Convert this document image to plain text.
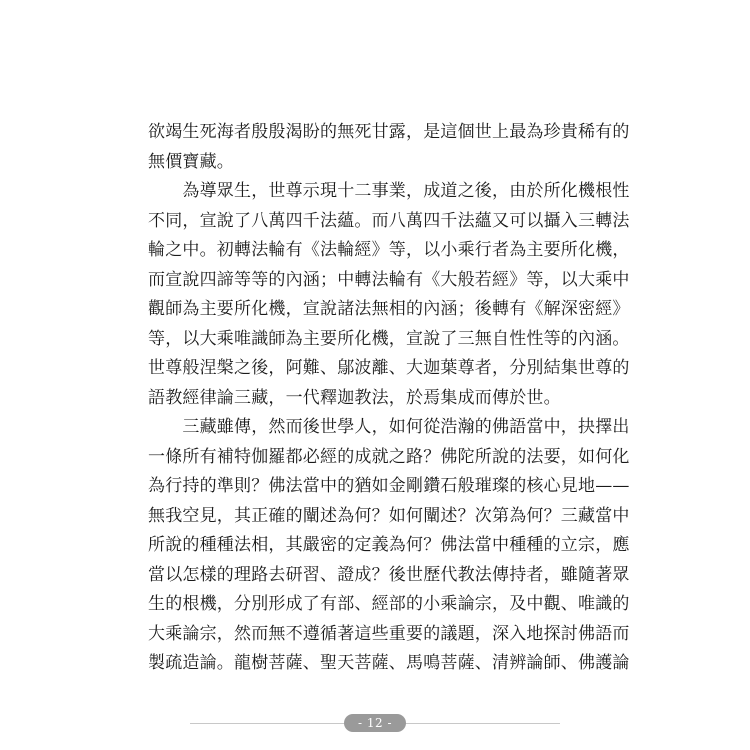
欲竭生死海者殷殷渴盼的無死甘露，是這個世上最為珍貴稀有的
無價寶藏。
　　為導眾生，世尊示現十二事業，成道之後，由於所化機根性
不同，宣說了八萬四千法蘊。而八萬四千法蘊又可以攝入三轉法
輪之中。初轉法輪有《法輪經》等，以小乘行者為主要所化機，
而宣說四諦等等的內涵；中轉法輪有《大般若經》等，以大乘中
觀師為主要所化機，宣說諸法無相的內涵；後轉有《解深密經》
等，以大乘唯識師為主要所化機，宣說了三無自性性等的內涵。
世尊般涅槃之後，阿難、鄔波離、大迦葉尊者，分別結集世尊的
語教經律論三藏，一代釋迦教法，於焉集成而傳於世。
　　三藏雖傳，然而後世學人，如何從浩瀚的佛語當中，抉擇出
一條所有補特伽羅都必經的成就之路？佛陀所說的法要，如何化
為行持的準則？佛法當中的猶如金剛鑽石般璀璨的核心見地——
無我空見，其正確的闡述為何？如何闡述？次第為何？三藏當中
所說的種種法相，其嚴密的定義為何？佛法當中種種的立宗，應
當以怎樣的理路去研習、證成？後世歷代教法傳持者，雖隨著眾
生的根機，分別形成了有部、經部的小乘論宗，及中觀、唯識的
大乘論宗，然而無不遵循著這些重要的議題，深入地探討佛語而
製疏造論。龍樹菩薩、聖天菩薩、馬鳴菩薩、清辨論師、佛護論
- 12 -
